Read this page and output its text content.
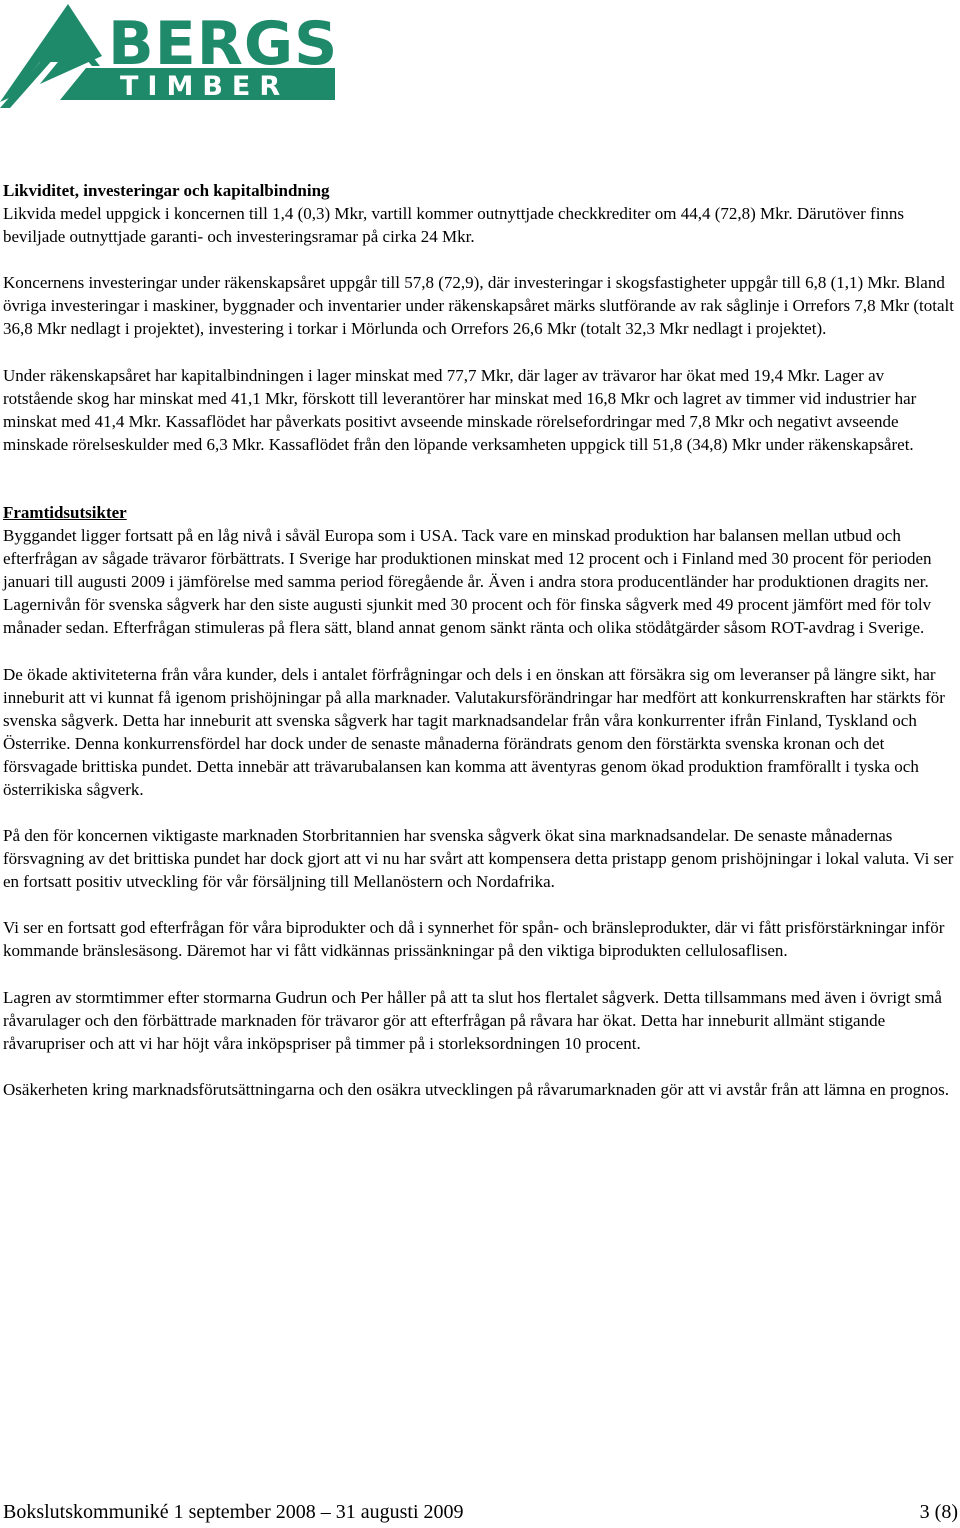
BERGS
TIMBER
Likviditet, investeringar och kapitalbindning
Likvida medel uppgick i koncernen till 1,4 (0,3) Mkr, vartill kommer outnyttjade checkkrediter om 44,4 (72,8) Mkr. Därutöver finns beviljade outnyttjade garanti- och investeringsramar på cirka 24 Mkr.
Koncernens investeringar under räkenskapsåret uppgår till 57,8 (72,9), där investeringar i skogsfastigheter uppgår till 6,8 (1,1) Mkr. Bland övriga investeringar i maskiner, byggnader och inventarier under räkenskapsåret märks slutförande av rak såglinje i Orrefors 7,8 Mkr (totalt 36,8 Mkr nedlagt i projektet), investering i torkar i Mörlunda och Orrefors 26,6 Mkr (totalt 32,3 Mkr nedlagt i projektet).
Under räkenskapsåret har kapitalbindningen i lager minskat med 77,7 Mkr, där lager av trävaror har ökat med 19,4 Mkr. Lager av rotstående skog har minskat med 41,1 Mkr, förskott till leverantörer har minskat med 16,8 Mkr och lagret av timmer vid industrier har minskat med 41,4 Mkr. Kassaflödet har påverkats positivt avseende minskade rörelsefordringar med 7,8 Mkr och negativt avseende minskade rörelseskulder med 6,3 Mkr. Kassaflödet från den löpande verksamheten uppgick till 51,8 (34,8) Mkr under räkenskapsåret.
Framtidsutsikter
Byggandet ligger fortsatt på en låg nivå i såväl Europa som i USA. Tack vare en minskad produktion har balansen mellan utbud och efterfrågan av sågade trävaror förbättrats. I Sverige har produktionen minskat med 12 procent och i Finland med 30 procent för perioden januari till augusti 2009 i jämförelse med samma period föregående år. Även i andra stora producentländer har produktionen dragits ner. Lagernivån för svenska sågverk har den siste augusti sjunkit med 30 procent och för finska sågverk med 49 procent jämfört med för tolv månader sedan. Efterfrågan stimuleras på flera sätt, bland annat genom sänkt ränta och olika stödåtgärder såsom ROT-avdrag i Sverige.
De ökade aktiviteterna från våra kunder, dels i antalet förfrågningar och dels i en önskan att försäkra sig om leveranser på längre sikt, har inneburit att vi kunnat få igenom prishöjningar på alla marknader. Valutakursförändringar har medfört att konkurrenskraften har stärkts för svenska sågverk. Detta har inneburit att svenska sågverk har tagit marknadsandelar från våra konkurrenter ifrån Finland, Tyskland och Österrike. Denna konkurrensfördel har dock under de senaste månaderna förändrats genom den förstärkta svenska kronan och det försvagade brittiska pundet. Detta innebär att trävarubalansen kan komma att äventyras genom ökad produktion framförallt i tyska och österrikiska sågverk.
På den för koncernen viktigaste marknaden Storbritannien har svenska sågverk ökat sina marknadsandelar. De senaste månadernas försvagning av det brittiska pundet har dock gjort att vi nu har svårt att kompensera detta pristapp genom prishöjningar i lokal valuta. Vi ser en fortsatt positiv utveckling för vår försäljning till Mellanöstern och Nordafrika.
Vi ser en fortsatt god efterfrågan för våra biprodukter och då i synnerhet för spån- och bränsleprodukter, där vi fått prisförstärkningar inför kommande bränslesäsong. Däremot har vi fått vidkännas prissänkningar på den viktiga biprodukten cellulosaflisen.
Lagren av stormtimmer efter stormarna Gudrun och Per håller på att ta slut hos flertalet sågverk. Detta tillsammans med även i övrigt små råvarulager och den förbättrade marknaden för trävaror gör att efterfrågan på råvara har ökat. Detta har inneburit allmänt stigande råvarupriser och att vi har höjt våra inköpspriser på timmer på i storleksordningen 10 procent.
Osäkerheten kring marknadsförutsättningarna och den osäkra utvecklingen på råvarumarknaden gör att vi avstår från att lämna en prognos.
Bokslutskommuniké 1 september 2008 – 31 augusti 2009	3 (8)
